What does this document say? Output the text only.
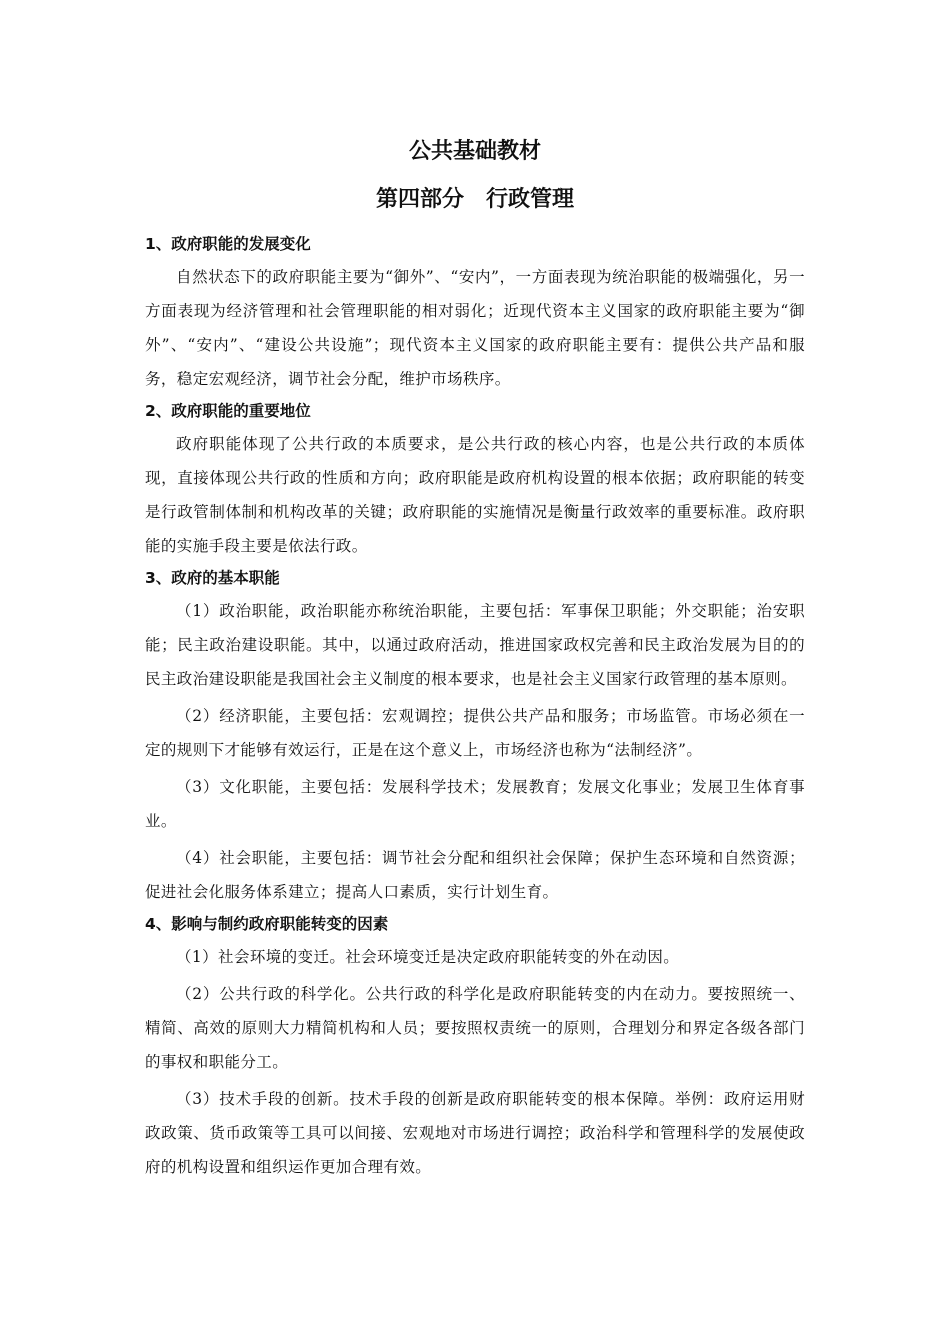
公共基础教材
第四部分　行政管理
1、政府职能的发展变化

自然状态下的政府职能主要为“御外”、“安内”，一方面表现为统治职能的极端强化，另一方面表现为经济管理和社会管理职能的相对弱化；近现代资本主义国家的政府职能主要为“御外”、“安内”、“建设公共设施”；现代资本主义国家的政府职能主要有：提供公共产品和服务，稳定宏观经济，调节社会分配，维护市场秩序。

2、政府职能的重要地位

政府职能体现了公共行政的本质要求，是公共行政的核心内容，也是公共行政的本质体现，直接体现公共行政的性质和方向；政府职能是政府机构设置的根本依据；政府职能的转变是行政管制体制和机构改革的关键；政府职能的实施情况是衡量行政效率的重要标准。政府职能的实施手段主要是依法行政。

3、政府的基本职能

（1）政治职能，政治职能亦称统治职能，主要包括：军事保卫职能；外交职能；治安职能；民主政治建设职能。其中，以通过政府活动，推进国家政权完善和民主政治发展为目的的民主政治建设职能是我国社会主义制度的根本要求，也是社会主义国家行政管理的基本原则。

（2）经济职能，主要包括：宏观调控；提供公共产品和服务；市场监管。市场必须在一定的规则下才能够有效运行，正是在这个意义上，市场经济也称为“法制经济”。

（3）文化职能，主要包括：发展科学技术；发展教育；发展文化事业；发展卫生体育事业。

（4）社会职能，主要包括：调节社会分配和组织社会保障；保护生态环境和自然资源；促进社会化服务体系建立；提高人口素质，实行计划生育。

4、影响与制约政府职能转变的因素

（1）社会环境的变迁。社会环境变迁是决定政府职能转变的外在动因。

（2）公共行政的科学化。公共行政的科学化是政府职能转变的内在动力。要按照统一、精简、高效的原则大力精简机构和人员；要按照权责统一的原则，合理划分和界定各级各部门的事权和职能分工。

（3）技术手段的创新。技术手段的创新是政府职能转变的根本保障。举例：政府运用财政政策、货币政策等工具可以间接、宏观地对市场进行调控；政治科学和管理科学的发展使政府的机构设置和组织运作更加合理有效。
